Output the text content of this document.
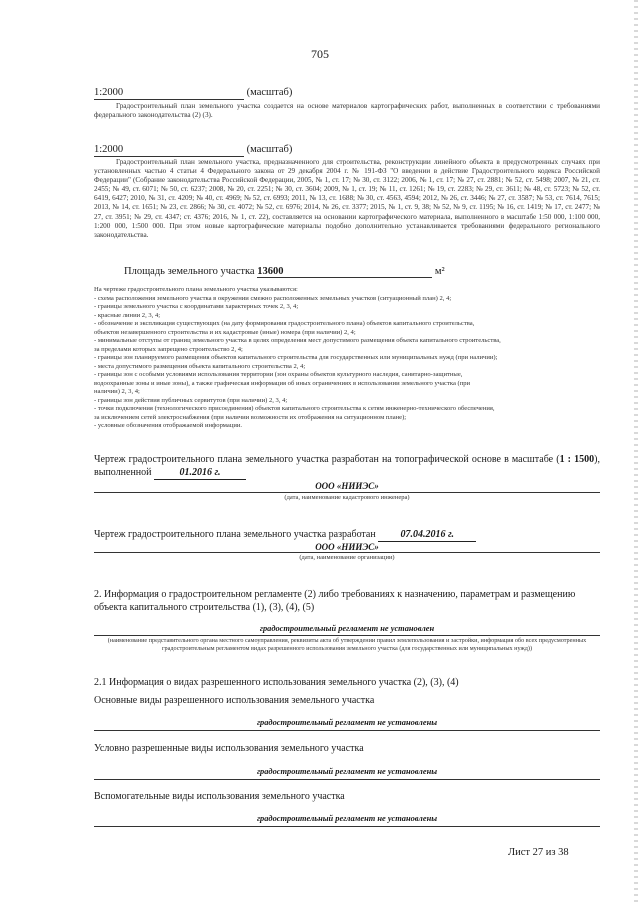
705
1:2000	(масштаб)
Градостроительный план земельного участка создается на основе материалов картографических работ, выполненных в соответствии с требованиями федерального законодательства (2) (3).
1:2000	(масштаб)
Градостроительный план земельного участка, предназначенного для строительства, реконструкции линейного объекта в предусмотренных случаях при установленных частью 4 статьи 4 Федерального закона от 29 декабря 2004 г. № 191-ФЗ "О введении в действие Градостроительного кодекса Российской Федерации" (Собрание законодательства Российской Федерации, 2005, № 1, ст. 17; № 30, ст. 3122; 2006, № 1, ст. 17; № 27, ст. 2881; № 52, ст. 5498; 2007, № 21, ст. 2455; № 49, ст. 6071; № 50, ст. 6237; 2008, № 20, ст. 2251; № 30, ст. 3604; 2009, № 1, ст. 19; № 11, ст. 1261; № 19, ст. 2283; № 29, ст. 3611; № 48, ст. 5723; № 52, ст. 6419, 6427; 2010, № 31, ст. 4209; № 40, ст. 4969; № 52, ст. 6993; 2011, № 13, ст. 1688; № 30, ст. 4563, 4594; 2012, № 26, ст. 3446; № 27, ст. 3587; № 53, ст. 7614, 7615; 2013, № 14, ст. 1651; № 23, ст. 2866; № 30, ст. 4072; № 52, ст. 6976; 2014, № 26, ст. 3377; 2015, № 1, ст. 9, 38; № 52, № 9, ст. 1195; № 16, ст. 1419; № 17, ст. 2477; № 27, ст. 3951; № 29, ст. 4347; ст. 4376; 2016, № 1, ст. 22), составляется на основании картографического материала, выполненного в масштабе 1:50 000, 1:100 000, 1:200 000, 1:500 000. При этом новые картографические материалы подобно дополнительно устанавливается требованиями федерального регионального законодательства.
Площадь земельного участка 13600	м²
На чертеже градостроительного плана земельного участка указываются:
- схема расположения земельного участка в окружении смежно расположенных земельных участков (ситуационный план) 2, 4;
- границы земельного участка с координатами характерных точек 2, 3, 4;
- красные линии 2, 3, 4;
- обозначение и экспликация существующих (на дату формирования градостроительного плана) объектов капитального строительства,
объектов незавершенного строительства и их кадастровые (иные) номера (при наличии) 2, 4;
- минимальные отступы от границ земельного участка в целях определения мест допустимого размещения объекта капитального строительства,
за пределами которых запрещено строительство 2, 4;
- границы зон планируемого размещения объектов капитального строительства для государственных или муниципальных нужд (при наличии);
- места допустимого размещения объекта капитального строительства 2, 4;
- границы зон с особыми условиями использования территории (зон охраны объектов культурного наследия, санитарно-защитные,
водоохранные зоны и иные зоны), а также графическая информация об иных ограничениях в использовании земельного участка (при
наличии) 2, 3, 4;
- границы зон действия публичных сервитутов (при наличии) 2, 3, 4;
- точки подключения (технологического присоединения) объектов капитального строительства к сетям инженерно-технического обеспечения,
за исключением сетей электроснабжения (при наличии возможности их отображения на ситуационном плане);
- условные обозначения отображаемой информации.
Чертеж градостроительного плана земельного участка разработан на топографической основе в масштабе (1 : 1500), выполненной	01.2016 г.
ООО «НИИЭС»
(дата, наименование кадастрового инженера)
Чертеж градостроительного плана земельного участка разработан 07.04.2016 г.
ООО «НИИЭС»
(дата, наименование организации)
2. Информация о градостроительном регламенте (2) либо требованиях к назначению, параметрам и размещению объекта капитального строительства (1), (3), (4), (5)
градостроительный регламент не установлен
(наименование представительного органа местного самоуправления, реквизиты акта об утверждении правил землепользования и застройки, информация обо всех предусмотренных градостроительным регламентом видах разрешенного использования земельного участка (для государственных или муниципальных нужд))
2.1 Информация о видах разрешенного использования земельного участка (2), (3), (4)
Основные виды разрешенного использования земельного участка
градостроительный регламент не установлены
Условно разрешенные виды использования земельного участка
градостроительный регламент не установлены
Вспомогательные виды использования земельного участка
градостроительный регламент не установлены
Лист 27 из 38
